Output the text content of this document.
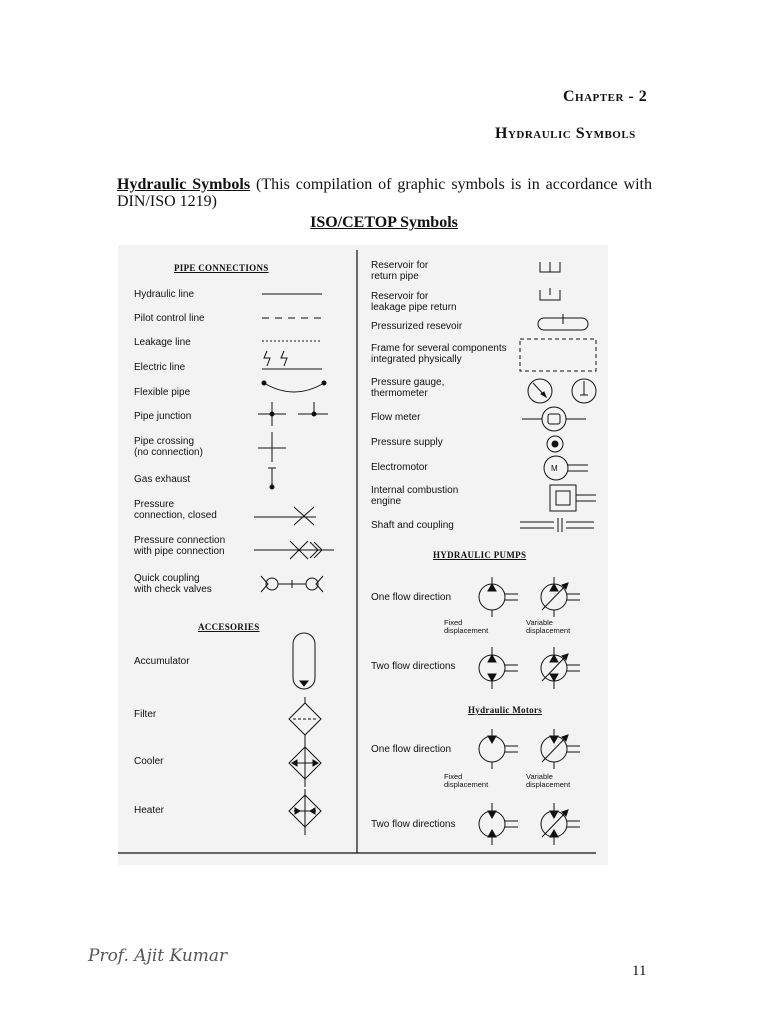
Chapter - 2
Hydraulic Symbols
Hydraulic Symbols (This compilation of graphic symbols is in accordance with DIN/ISO 1219)
ISO/CETOP Symbols
PIPE CONNECTIONS
Hydraulic line
Pilot control line
Leakage line
Electric line
Flexible pipe
Pipe junction
Pipe crossing
(no connection)
Gas exhaust
Pressure
connection, closed
Pressure connection
with pipe connection
Quick coupling
with check valves
ACCESORIES
Accumulator
Filter
Cooler
Heater
Reservoir for
return pipe
Reservoir for
leakage pipe return
Pressurized resevoir
Frame for several components
integrated physically
Pressure gauge,
thermometer
Flow meter
Pressure supply
Electromotor	M
Internal combustion
engine
Shaft and coupling
HYDRAULIC PUMPS
One flow direction
Fixed
displacement
Variable
displacement
Two flow directions
Hydraulic Motors
One flow direction
Fixed
displacement
Variable
displacement
Two flow directions
Prof. Ajit Kumar
11
